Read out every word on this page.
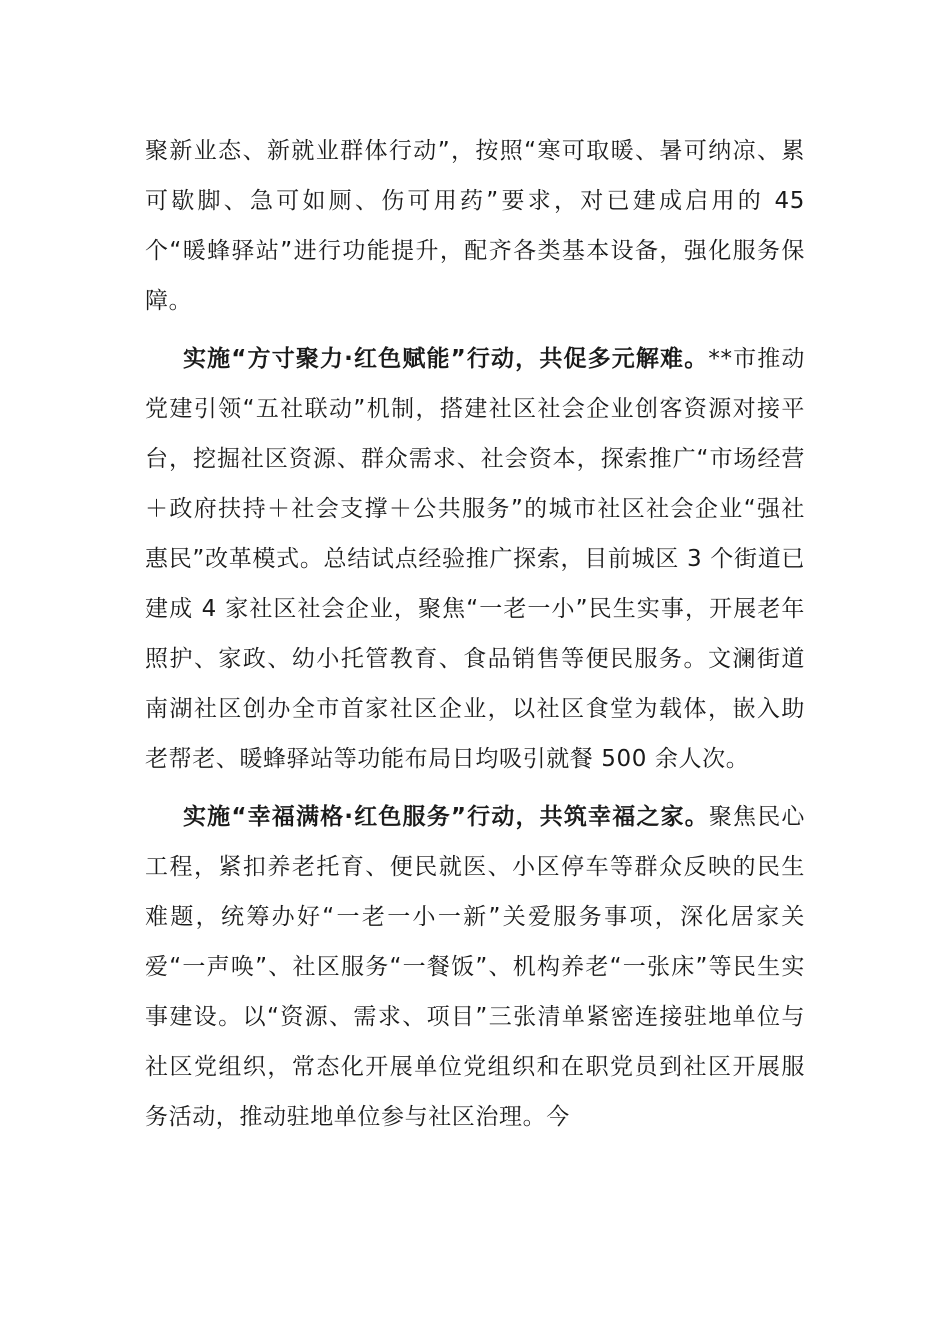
聚新业态、新就业群体行动”，按照“寒可取暖、暑可纳凉、累可歇脚、急可如厕、伤可用药”要求，对已建成启用的 45 个“暖蜂驿站”进行功能提升，配齐各类基本设备，强化服务保障。

实施“方寸聚力·红色赋能”行动，共促多元解难。**市推动党建引领“五社联动”机制，搭建社区社会企业创客资源对接平台，挖掘社区资源、群众需求、社会资本，探索推广“市场经营＋政府扶持＋社会支撑＋公共服务”的城市社区社会企业“强社惠民”改革模式。总结试点经验推广探索，目前城区 3 个街道已建成 4 家社区社会企业，聚焦“一老一小”民生实事，开展老年照护、家政、幼小托管教育、食品销售等便民服务。文澜街道南湖社区创办全市首家社区企业，以社区食堂为载体，嵌入助老帮老、暖蜂驿站等功能布局日均吸引就餐 500 余人次。

实施“幸福满格·红色服务”行动，共筑幸福之家。聚焦民心工程，紧扣养老托育、便民就医、小区停车等群众反映的民生难题，统筹办好“一老一小一新”关爱服务事项，深化居家关爱“一声唤”、社区服务“一餐饭”、机构养老“一张床”等民生实事建设。以“资源、需求、项目”三张清单紧密连接驻地单位与社区党组织，常态化开展单位党组织和在职党员到社区开展服务活动，推动驻地单位参与社区治理。今
